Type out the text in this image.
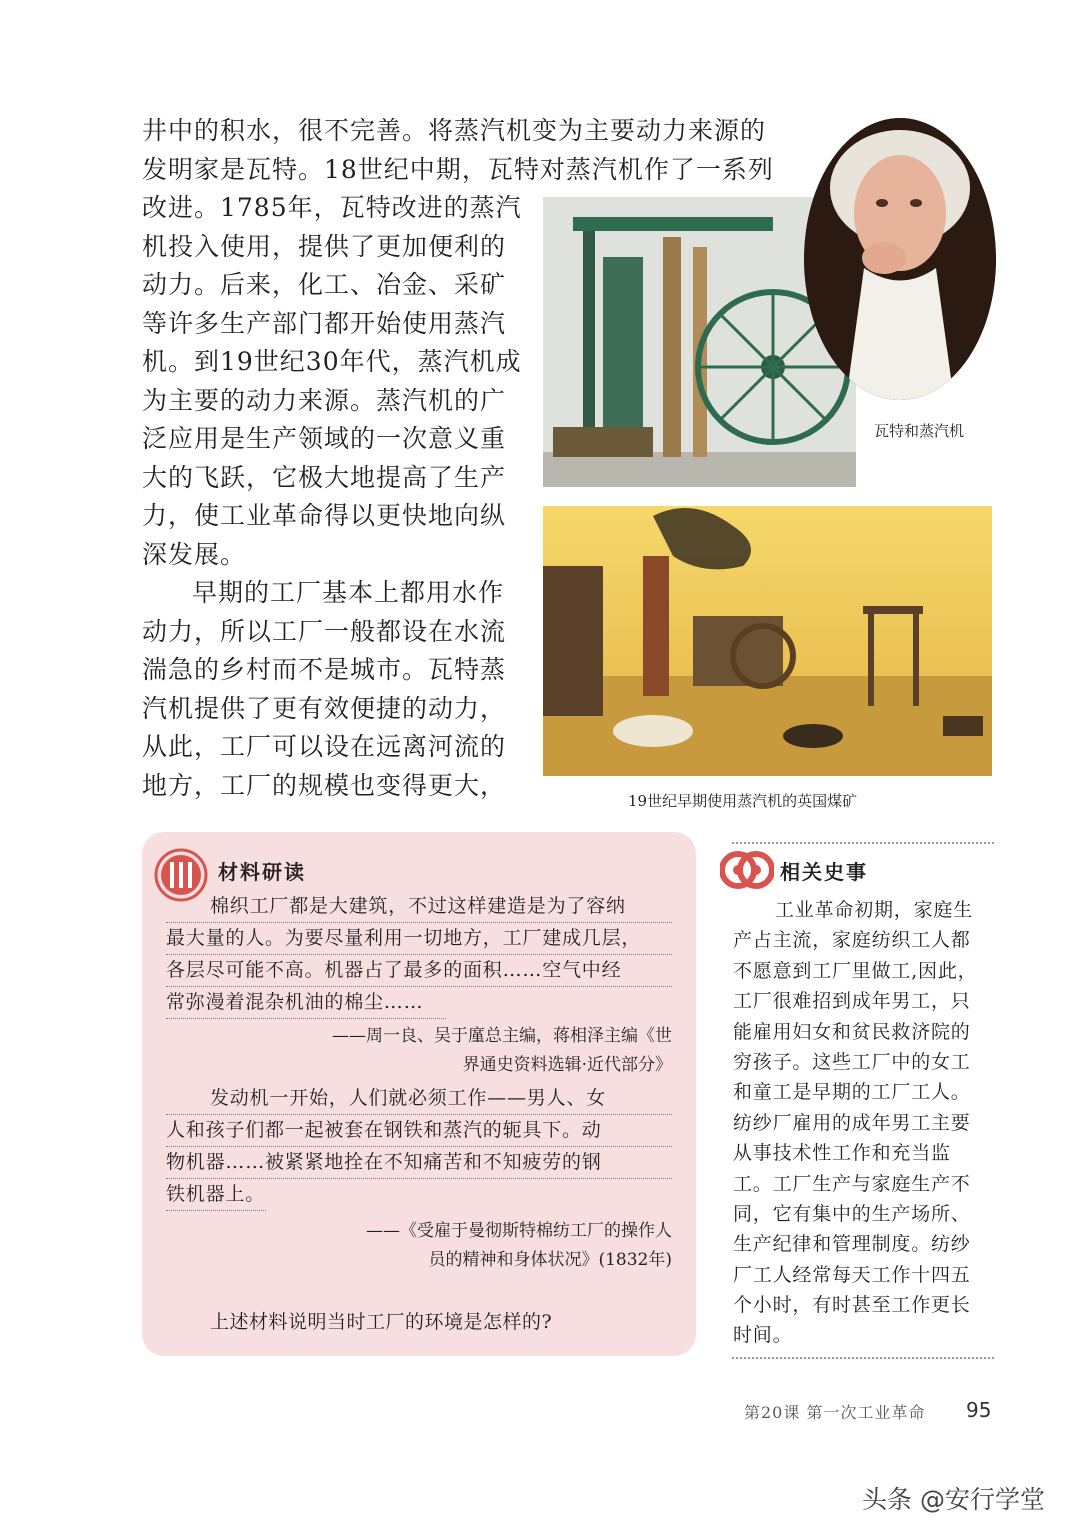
井中的积水，很不完善。将蒸汽机变为主要动力来源的
发明家是瓦特。18世纪中期，瓦特对蒸汽机作了一系列
改进。1785年，瓦特改进的蒸汽
机投入使用，提供了更加便利的
动力。后来，化工、冶金、采矿
等许多生产部门都开始使用蒸汽
机。到19世纪30年代，蒸汽机成
为主要的动力来源。蒸汽机的广
泛应用是生产领域的一次意义重
大的飞跃，它极大地提高了生产
力，使工业革命得以更快地向纵
深发展。
早期的工厂基本上都用水作
动力，所以工厂一般都设在水流
湍急的乡村而不是城市。瓦特蒸
汽机提供了更有效便捷的动力，
从此，工厂可以设在远离河流的
地方，工厂的规模也变得更大，
瓦特和蒸汽机
19世纪早期使用蒸汽机的英国煤矿
材料研读
棉织工厂都是大建筑，不过这样建造是为了容纳
最大量的人。为要尽量利用一切地方，工厂建成几层，
各层尽可能不高。机器占了最多的面积……空气中经
常弥漫着混杂机油的棉尘……
——周一良、吴于廑总主编，蒋相泽主编《世
界通史资料选辑·近代部分》
发动机一开始，人们就必须工作——男人、女
人和孩子们都一起被套在钢铁和蒸汽的轭具下。动
物机器……被紧紧地拴在不知痛苦和不知疲劳的钢
铁机器上。
——《受雇于曼彻斯特棉纺工厂的操作人
员的精神和身体状况》(1832年)
上述材料说明当时工厂的环境是怎样的?
相关史事
工业革命初期，家庭生
产占主流，家庭纺织工人都
不愿意到工厂里做工,因此，
工厂很难招到成年男工，只
能雇用妇女和贫民救济院的
穷孩子。这些工厂中的女工
和童工是早期的工厂工人。
纺纱厂雇用的成年男工主要
从事技术性工作和充当监
工。工厂生产与家庭生产不
同，它有集中的生产场所、
生产纪律和管理制度。纺纱
厂工人经常每天工作十四五
个小时，有时甚至工作更长
时间。
第20课 第一次工业革命 95
头条 @安行学堂
